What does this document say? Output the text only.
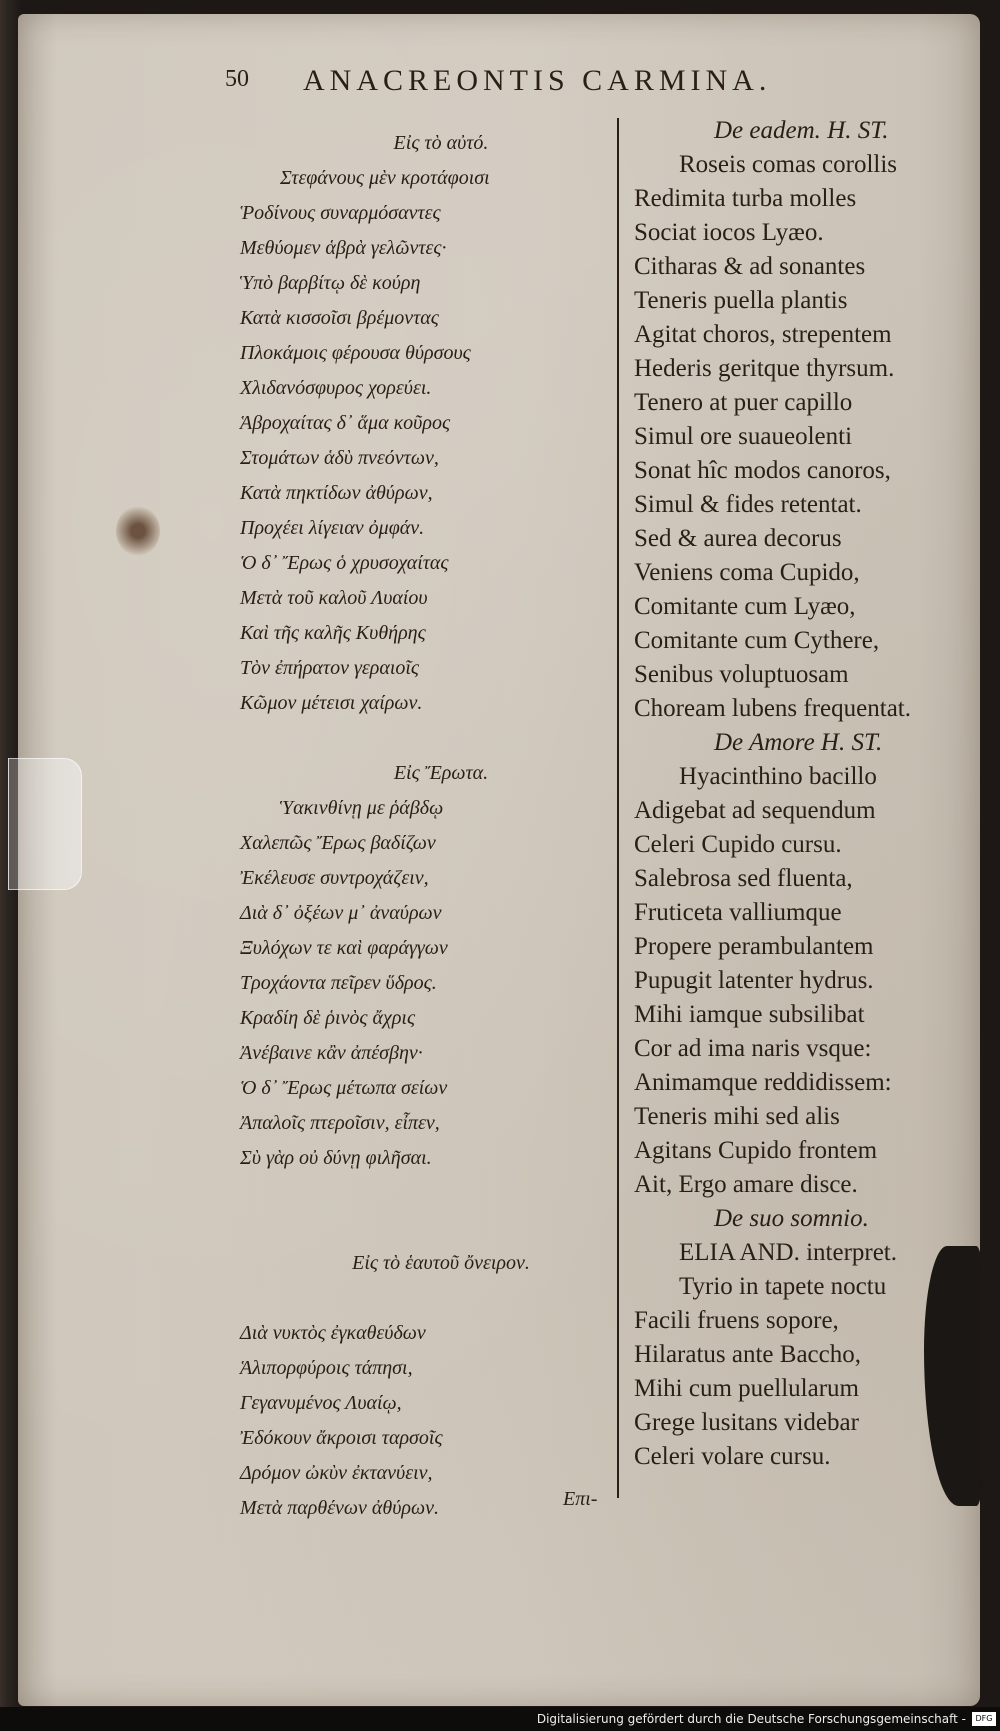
50 ANACREONTIS CARMINA.
Εἰς τὸ αὐτό.
Στεφάνους μὲν κροτάφοισι
Ῥοδίνους συναρμόσαντες
Μεθύομεν ἁβρὰ γελῶντες·
Ὑπὸ βαρβίτῳ δὲ κούρη
Κατὰ κισσοῖσι βρέμοντας
Πλοκάμοις φέρουσα θύρσους
Χλιδανόσφυρος χορεύει.
Ἁβροχαίτας δ᾽ ἅμα κοῦρος
Στομάτων ἁδὺ πνεόντων,
Κατὰ πηκτίδων ἀθύρων,
Προχέει λίγειαν ὀμφάν.
Ὁ δ᾽ Ἔρως ὁ χρυσοχαίτας
Μετὰ τοῦ καλοῦ Λυαίου
Καὶ τῆς καλῆς Κυθήρης
Τὸν ἐπήρατον γεραιοῖς
Κῶμον μέτεισι χαίρων.
Εἰς Ἔρωτα.
Ὑακινθίνῃ με ῥάβδῳ
Χαλεπῶς Ἔρως βαδίζων
Ἐκέλευσε συντροχάζειν,
Διὰ δ᾽ ὀξέων μ᾽ ἀναύρων
Ξυλόχων τε καὶ φαράγγων
Τροχάοντα πεῖρεν ὕδρος.
Κραδίη δὲ ῥινὸς ἄχρις
Ἀνέβαινε κἂν ἀπέσβην·
Ὁ δ᾽ Ἔρως μέτωπα σείων
Ἀπαλοῖς πτεροῖσιν, εἶπεν,
Σὺ γὰρ οὐ δύνῃ φιλῆσαι.
Εἰς τὸ ἑαυτοῦ ὄνειρον.
Διὰ νυκτὸς ἐγκαθεύδων
Ἁλιπορφύροις τάπησι,
Γεγανυμένος Λυαίῳ,
Ἐδόκουν ἄκροισι ταρσοῖς
Δρόμον ὠκὺν ἐκτανύειν,
Μετὰ παρθένων ἀθύρων.
De eadem. H. ST.
Roseis comas corollis
Redimita turba molles
Sociat iocos Lyæo.
Citharas & ad sonantes
Teneris puella plantis
Agitat choros, strepentem
Hederis geritque thyrsum.
Tenero at puer capillo
Simul ore suaueolenti
Sonat hîc modos canoros,
Simul & fides retentat.
Sed & aurea decorus
Veniens coma Cupido,
Comitante cum Lyæo,
Comitante cum Cythere,
Senibus voluptuosam
Choream lubens frequentat.
De Amore H. ST.
Hyacinthino bacillo
Adigebat ad sequendum
Celeri Cupido cursu.
Salebrosa sed fluenta,
Fruticeta valliumque
Propere perambulantem
Pupugit latenter hydrus.
Mihi iamque subsilibat
Cor ad ima naris vsque:
Animamque reddidissem:
Teneris mihi sed alis
Agitans Cupido frontem
Ait, Ergo amare disce.
De suo somnio.
ELIA AND. interpret.
Tyrio in tapete noctu
Facili fruens sopore,
Hilaratus ante Baccho,
Mihi cum puellularum
Grege lusitans videbar
Celeri volare cursu.
Επι-
Digitalisierung gefördert durch die Deutsche Forschungsgemeinschaft -	DFG
